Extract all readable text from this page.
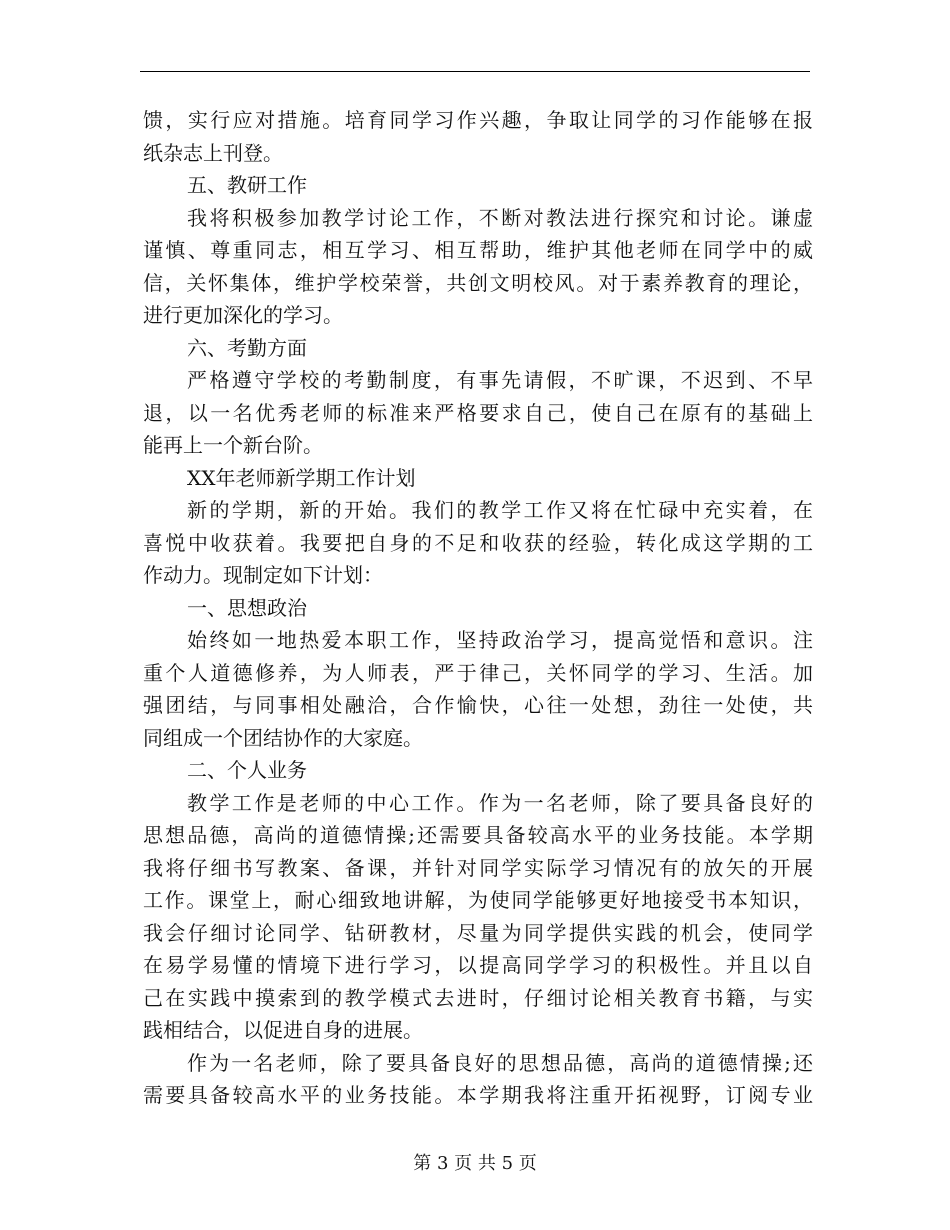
馈，实行应对措施。培育同学习作兴趣，争取让同学的习作能够在报
纸杂志上刊登。
五、教研工作
我将积极参加教学讨论工作，不断对教法进行探究和讨论。谦虚
谨慎、尊重同志，相互学习、相互帮助，维护其他老师在同学中的威
信，关怀集体，维护学校荣誉，共创文明校风。对于素养教育的理论，
进行更加深化的学习。
六、考勤方面
严格遵守学校的考勤制度，有事先请假，不旷课，不迟到、不早
退，以一名优秀老师的标准来严格要求自己，使自己在原有的基础上
能再上一个新台阶。
XX年老师新学期工作计划
新的学期，新的开始。我们的教学工作又将在忙碌中充实着，在
喜悦中收获着。我要把自身的不足和收获的经验，转化成这学期的工
作动力。现制定如下计划：
一、思想政治
始终如一地热爱本职工作，坚持政治学习，提高觉悟和意识。注
重个人道德修养，为人师表，严于律己，关怀同学的学习、生活。加
强团结，与同事相处融洽，合作愉快，心往一处想，劲往一处使，共
同组成一个团结协作的大家庭。
二、个人业务
教学工作是老师的中心工作。作为一名老师，除了要具备良好的
思想品德，高尚的道德情操;还需要具备较高水平的业务技能。本学期
我将仔细书写教案、备课，并针对同学实际学习情况有的放矢的开展
工作。课堂上，耐心细致地讲解，为使同学能够更好地接受书本知识，
我会仔细讨论同学、钻研教材，尽量为同学提供实践的机会，使同学
在易学易懂的情境下进行学习，以提高同学学习的积极性。并且以自
己在实践中摸索到的教学模式去进时，仔细讨论相关教育书籍，与实
践相结合，以促进自身的进展。
作为一名老师，除了要具备良好的思想品德，高尚的道德情操;还
需要具备较高水平的业务技能。本学期我将注重开拓视野，订阅专业
第 3 页 共 5 页
